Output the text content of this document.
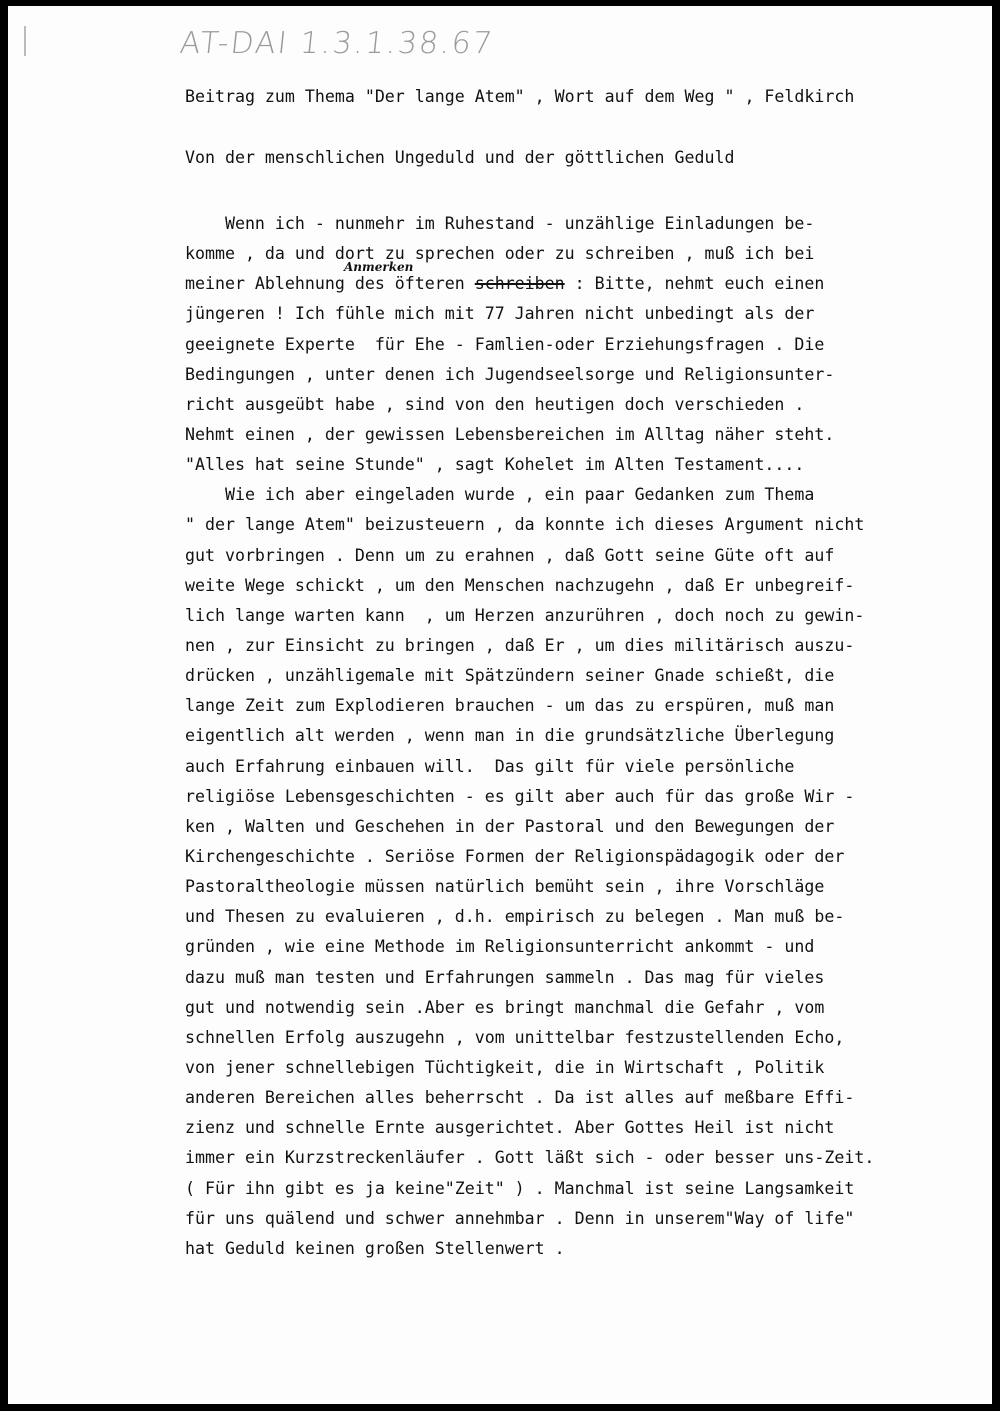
AT-DAI 1.3.1.38.67
Beitrag zum Thema "Der lange Atem" , Wort auf dem Weg " , Feldkirch
Von der menschlichen Ungeduld und der göttlichen Geduld
Anmerken
Wenn ich - nunmehr im Ruhestand - unzählige Einladungen be-
komme , da und dort zu sprechen oder zu schreiben , muß ich bei
meiner Ablehnung des öfteren schreiben : Bitte, nehmt euch einen
jüngeren ! Ich fühle mich mit 77 Jahren nicht unbedingt als der
geeignete Experte  für Ehe - Famlien-oder Erziehungsfragen . Die
Bedingungen , unter denen ich Jugendseelsorge und Religionsunter-
richt ausgeübt habe , sind von den heutigen doch verschieden .
Nehmt einen , der gewissen Lebensbereichen im Alltag näher steht.
"Alles hat seine Stunde" , sagt Kohelet im Alten Testament....
Wie ich aber eingeladen wurde , ein paar Gedanken zum Thema
" der lange Atem" beizusteuern , da konnte ich dieses Argument nicht
gut vorbringen . Denn um zu erahnen , daß Gott seine Güte oft auf
weite Wege schickt , um den Menschen nachzugehn , daß Er unbegreif-
lich lange warten kann  , um Herzen anzurühren , doch noch zu gewin-
nen , zur Einsicht zu bringen , daß Er , um dies militärisch auszu-
drücken , unzähligemale mit Spätzündern seiner Gnade schießt, die
lange Zeit zum Explodieren brauchen - um das zu erspüren, muß man
eigentlich alt werden , wenn man in die grundsätzliche Überlegung
auch Erfahrung einbauen will.  Das gilt für viele persönliche
religiöse Lebensgeschichten - es gilt aber auch für das große Wir -
ken , Walten und Geschehen in der Pastoral und den Bewegungen der
Kirchengeschichte . Seriöse Formen der Religionspädagogik oder der
Pastoraltheologie müssen natürlich bemüht sein , ihre Vorschläge
und Thesen zu evaluieren , d.h. empirisch zu belegen . Man muß be-
gründen , wie eine Methode im Religionsunterricht ankommt - und
dazu muß man testen und Erfahrungen sammeln . Das mag für vieles
gut und notwendig sein .Aber es bringt manchmal die Gefahr , vom
schnellen Erfolg auszugehn , vom unittelbar festzustellenden Echo,
von jener schnellebigen Tüchtigkeit, die in Wirtschaft , Politik
anderen Bereichen alles beherrscht . Da ist alles auf meßbare Effi-
zienz und schnelle Ernte ausgerichtet. Aber Gottes Heil ist nicht
immer ein Kurzstreckenläufer . Gott läßt sich - oder besser uns-Zeit.
( Für ihn gibt es ja keine"Zeit" ) . Manchmal ist seine Langsamkeit
für uns quälend und schwer annehmbar . Denn in unserem"Way of life"
hat Geduld keinen großen Stellenwert .
